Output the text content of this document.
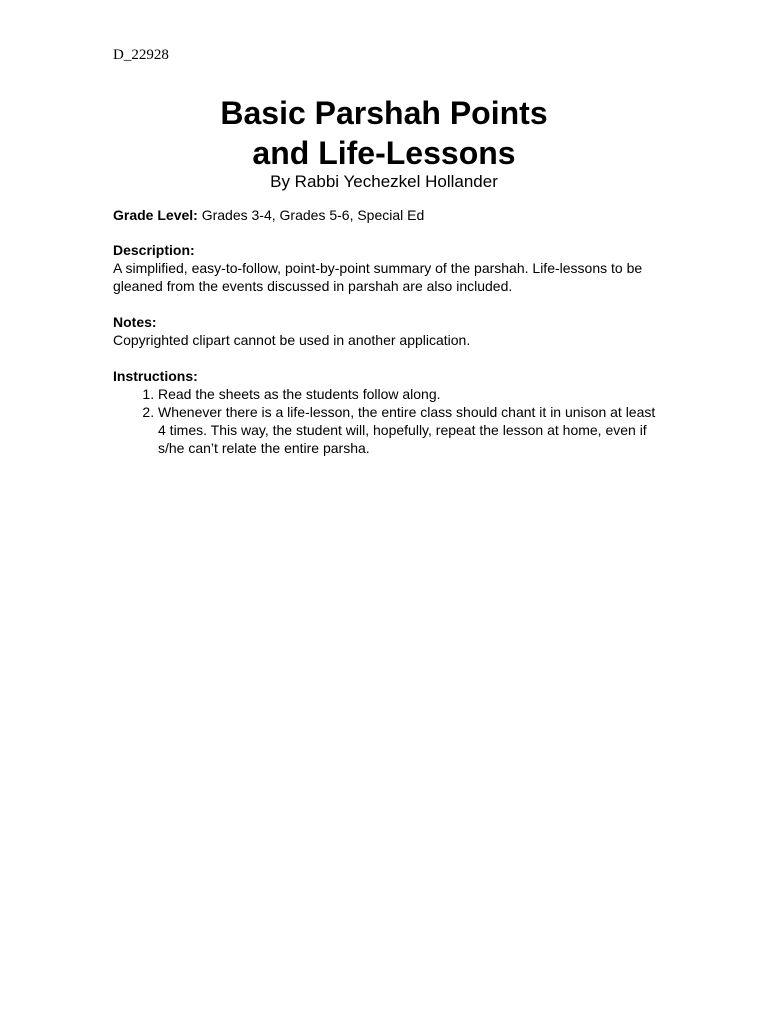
D_22928
Basic Parshah Points
and Life-Lessons
By Rabbi Yechezkel Hollander
Grade Level: Grades 3-4, Grades 5-6, Special Ed

Description:

A simplified, easy-to-follow, point-by-point summary of the parshah. Life-lessons to be gleaned from the events discussed in parshah are also included.

Notes:

Copyrighted clipart cannot be used in another application.

Instructions:

1. Read the sheets as the students follow along.
2. Whenever there is a life-lesson, the entire class should chant it in unison at least 4 times. This way, the student will, hopefully, repeat the lesson at home, even if s/he can’t relate the entire parsha.
